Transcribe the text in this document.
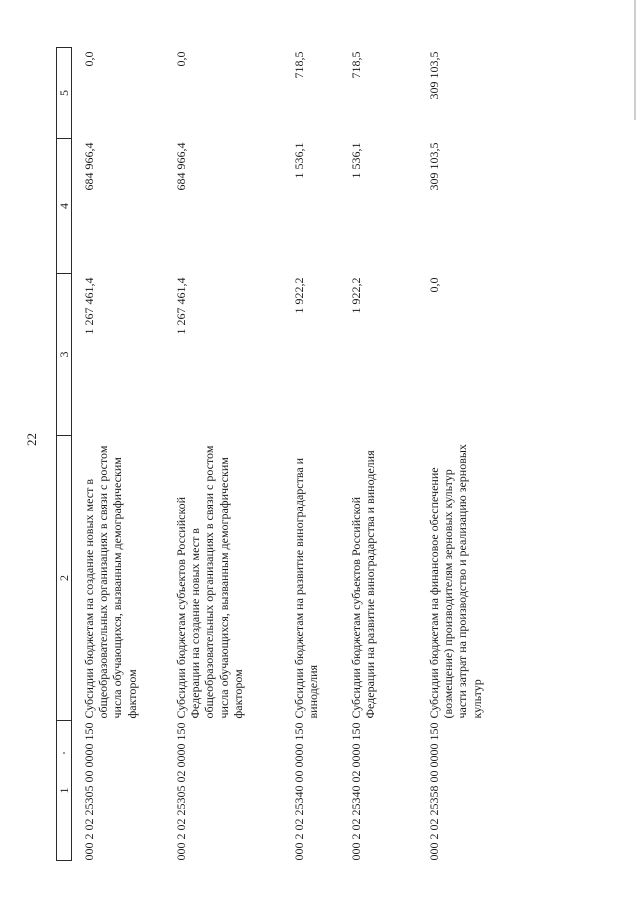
22
1	2	3	4	5
000 2 02 25305 00 0000 150	Субсидии бюджетам на создание новых мест в общеобразовательных организациях в связи с ростом числа обучающихся, вызванным демографическим фактором	1 267 461,4	684 966,4	0,0
000 2 02 25305 02 0000 150	Субсидии бюджетам субъектов Российской Федерации на создание новых мест в общеобразовательных организациях в связи с ростом числа обучающихся, вызванным демографическим фактором	1 267 461,4	684 966,4	0,0
000 2 02 25340 00 0000 150	Субсидии бюджетам на развитие виноградарства и виноделия	1 922,2	1 536,1	718,5
000 2 02 25340 02 0000 150	Субсидии бюджетам субъектов Российской Федерации на развитие виноградарства и виноделия	1 922,2	1 536,1	718,5
000 2 02 25358 00 0000 150	Субсидии бюджетам на финансовое обеспечение (возмещение) производителям зерновых культур части затрат на производство и реализацию зерновых культур	0,0	309 103,5	309 103,5
